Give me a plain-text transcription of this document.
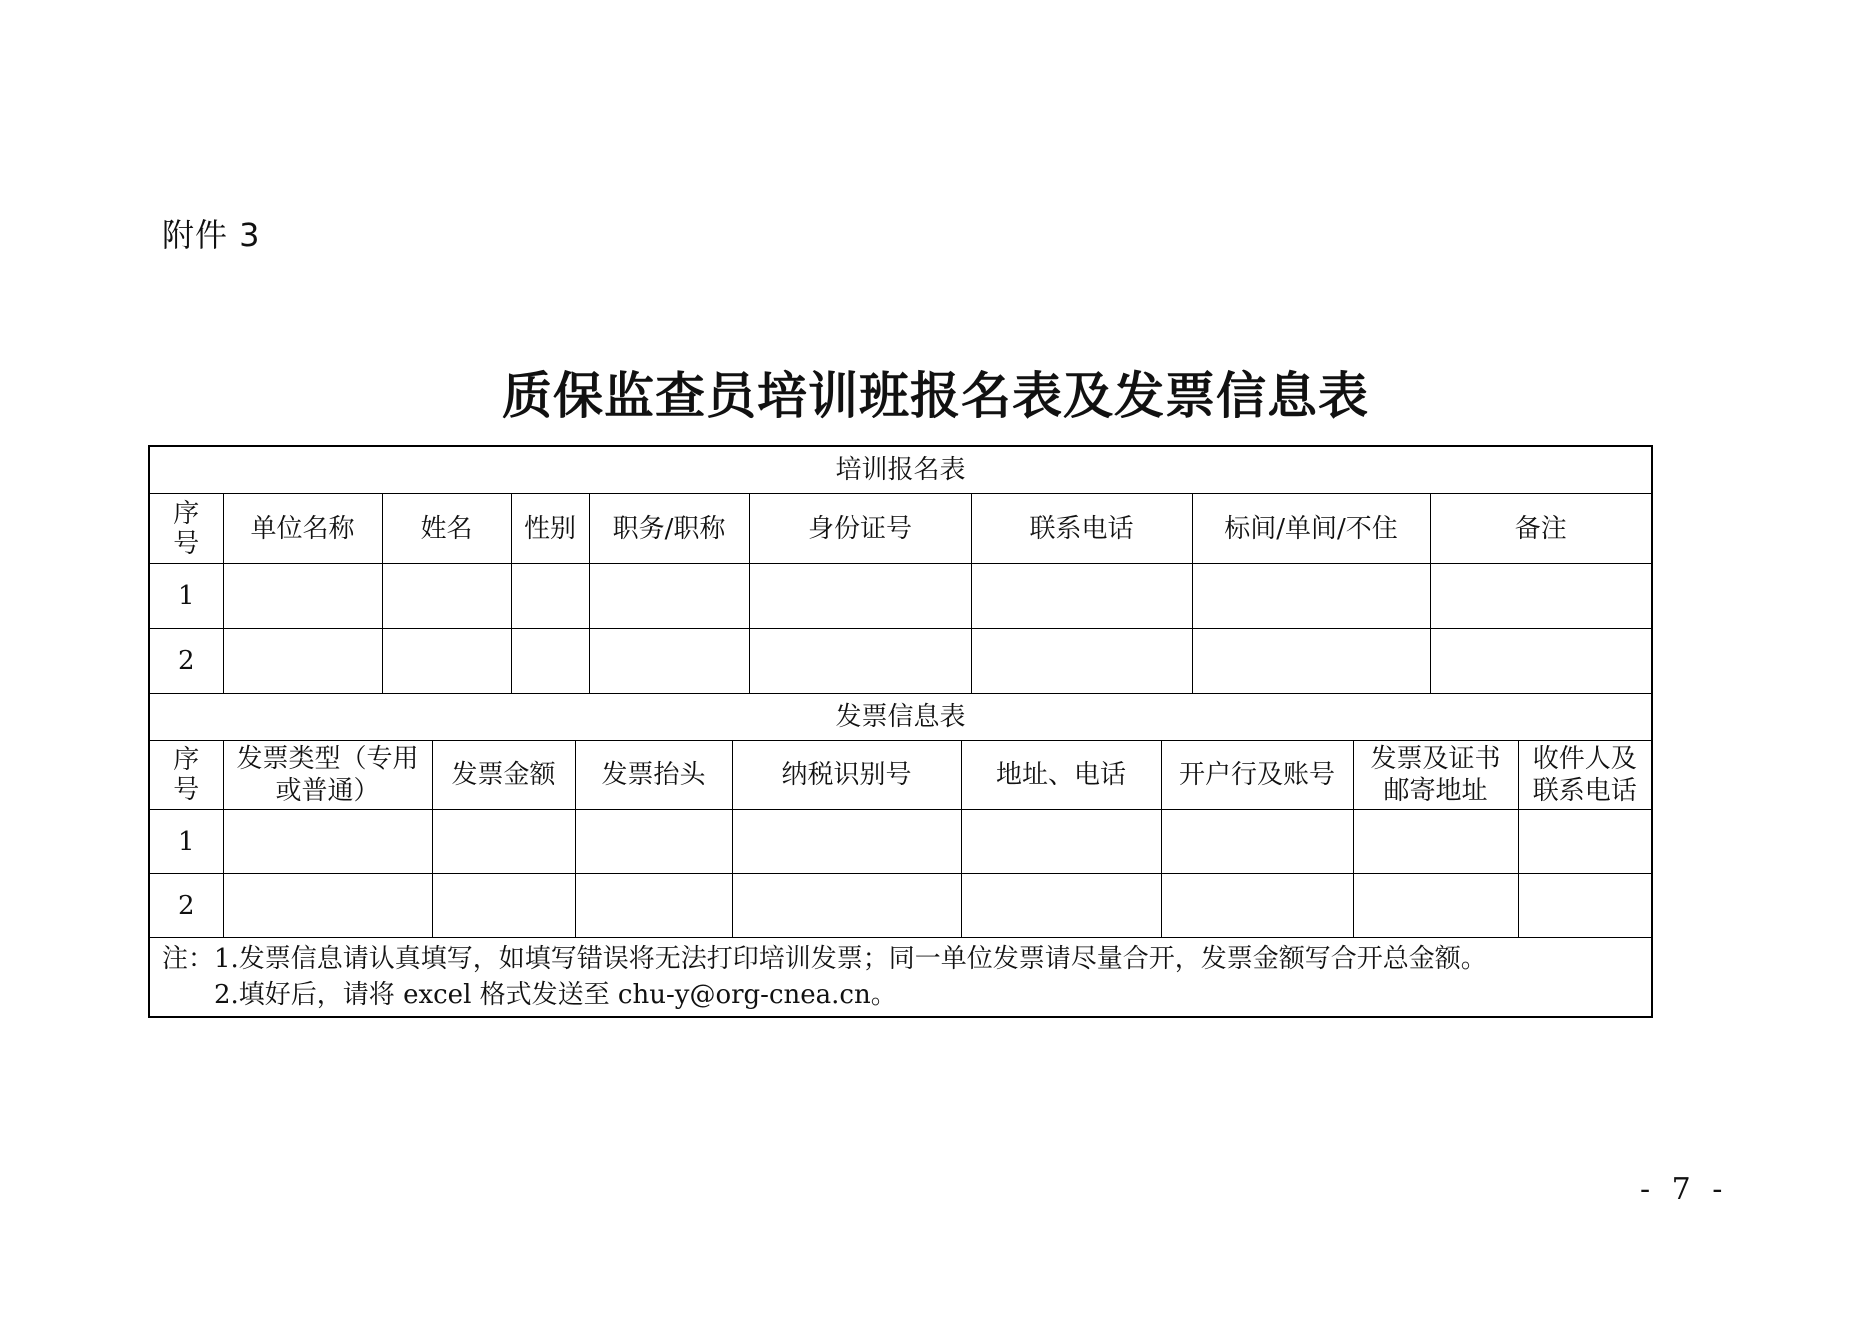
附件 3
质保监查员培训班报名表及发票信息表
培训报名表								
序号	单位名称	姓名	性别	职务/职称	身份证号	联系电话	标间/单间/不住	备注
1								
2								
发票信息表								
序号	发票类型（专用或普通）	发票金额	发票抬头	纳税识别号	地址、电话	开户行及账号	发票及证书邮寄地址	收件人及联系电话
1								
2								
注：1.发票信息请认真填写，如填写错误将无法打印培训发票；同一单位发票请尽量合开，发票金额写合开总金额。
2.填好后，请将 excel 格式发送至 chu-y@org-cnea.cn。
- 7 -
